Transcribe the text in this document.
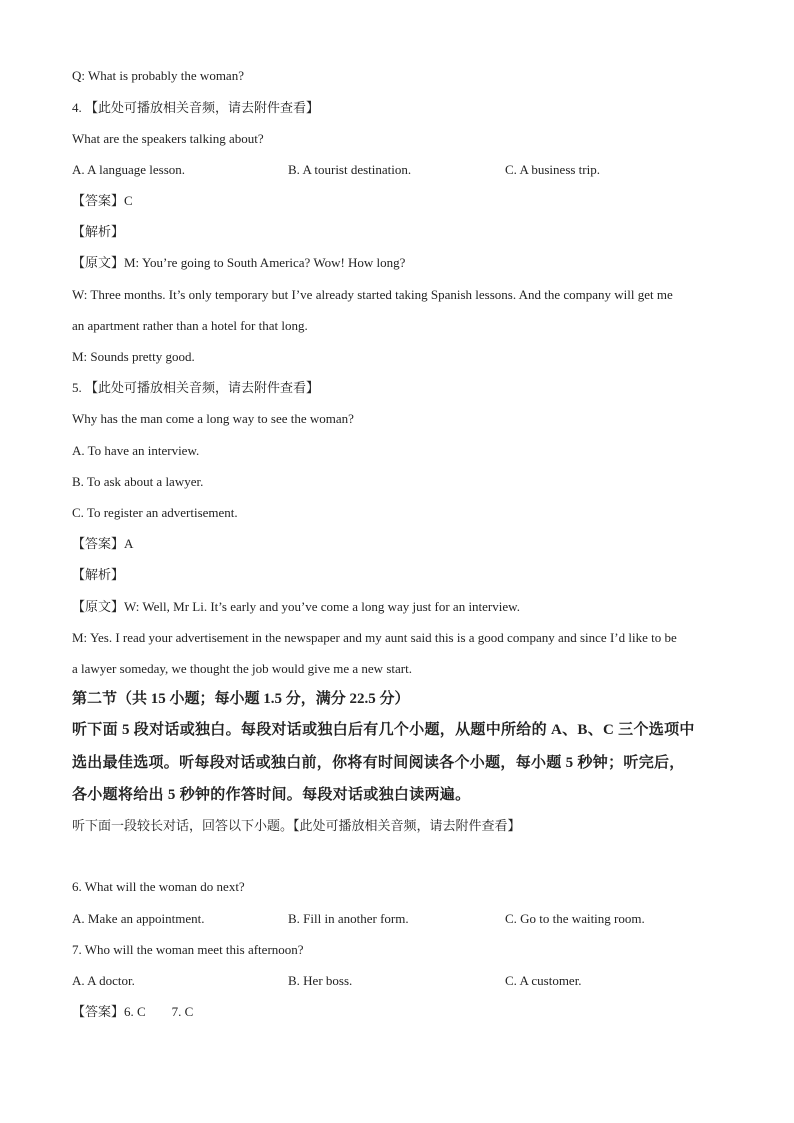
Q: What is probably the woman?
4. 【此处可播放相关音频，请去附件查看】
What are the speakers talking about?
A. A language lesson.	B. A tourist destination.	C. A business trip.
【答案】C
【解析】
【原文】M: You’re going to South America? Wow! How long?
W: Three months. It’s only temporary but I’ve already started taking Spanish lessons. And the company will get me
an apartment rather than a hotel for that long.
M: Sounds pretty good.
5. 【此处可播放相关音频，请去附件查看】
Why has the man come a long way to see the woman?
A. To have an interview.
B. To ask about a lawyer.
C. To register an advertisement.
【答案】A
【解析】
【原文】W: Well, Mr Li. It’s early and you’ve come a long way just for an interview.
M: Yes. I read your advertisement in the newspaper and my aunt said this is a good company and since I’d like to be
a lawyer someday, we thought the job would give me a new start.
第二节（共 15 小题；每小题 1.5 分，满分 22.5 分）
听下面 5 段对话或独白。每段对话或独白后有几个小题，从题中所给的 A、B、C 三个选项中
选出最佳选项。听每段对话或独白前，你将有时间阅读各个小题，每小题 5 秒钟；听完后，
各小题将给出 5 秒钟的作答时间。每段对话或独白读两遍。
听下面一段较长对话，回答以下小题。【此处可播放相关音频，请去附件查看】
6. What will the woman do next?
A. Make an appointment.	B. Fill in another form.	C. Go to the waiting room.
7. Who will the woman meet this afternoon?
A. A doctor.	B. Her boss.	C. A customer.
【答案】6. C        7. C
